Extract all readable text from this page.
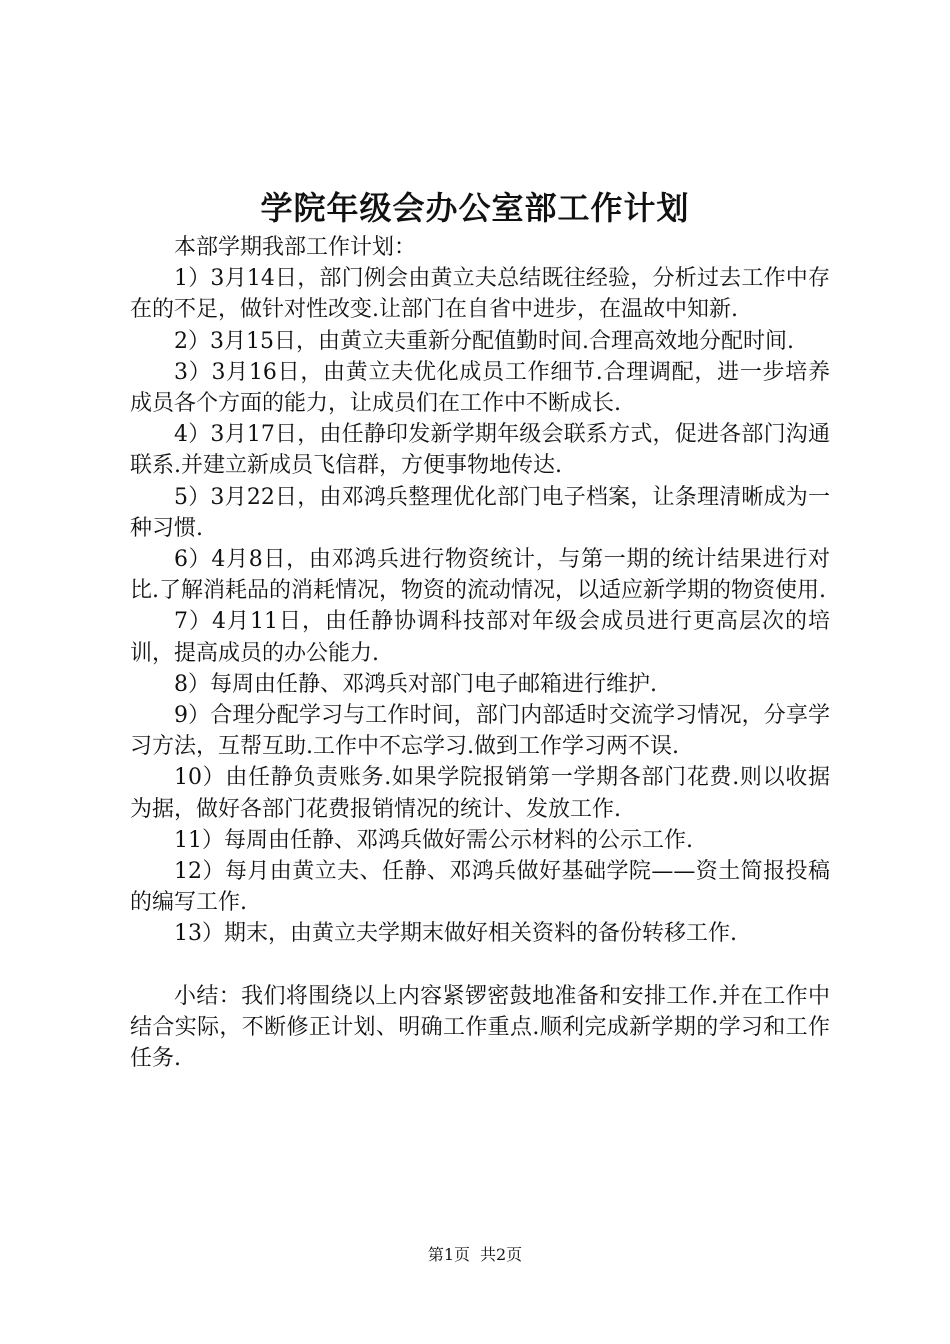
学院年级会办公室部工作计划

本部学期我部工作计划：

1）3月14日，部门例会由黄立夫总结既往经验，分析过去工作中存在的不足，做针对性改变.让部门在自省中进步，在温故中知新.

2）3月15日，由黄立夫重新分配值勤时间.合理高效地分配时间.

3）3月16日，由黄立夫优化成员工作细节.合理调配，进一步培养成员各个方面的能力，让成员们在工作中不断成长.

4）3月17日，由任静印发新学期年级会联系方式，促进各部门沟通联系.并建立新成员飞信群，方便事物地传达.

5）3月22日，由邓鸿兵整理优化部门电子档案，让条理清晰成为一种习惯.

6）4月8日，由邓鸿兵进行物资统计，与第一期的统计结果进行对比.了解消耗品的消耗情况，物资的流动情况，以适应新学期的物资使用.

7）4月11日，由任静协调科技部对年级会成员进行更高层次的培训，提高成员的办公能力.

8）每周由任静、邓鸿兵对部门电子邮箱进行维护.

9）合理分配学习与工作时间，部门内部适时交流学习情况，分享学习方法，互帮互助.工作中不忘学习.做到工作学习两不误.

10）由任静负责账务.如果学院报销第一学期各部门花费.则以收据为据，做好各部门花费报销情况的统计、发放工作.

11）每周由任静、邓鸿兵做好需公示材料的公示工作.

12）每月由黄立夫、任静、邓鸿兵做好基础学院——资土简报投稿的编写工作.

13）期末，由黄立夫学期末做好相关资料的备份转移工作.

小结：我们将围绕以上内容紧锣密鼓地准备和安排工作.并在工作中结合实际，不断修正计划、明确工作重点.顺利完成新学期的学习和工作任务.

第1页 共2页
